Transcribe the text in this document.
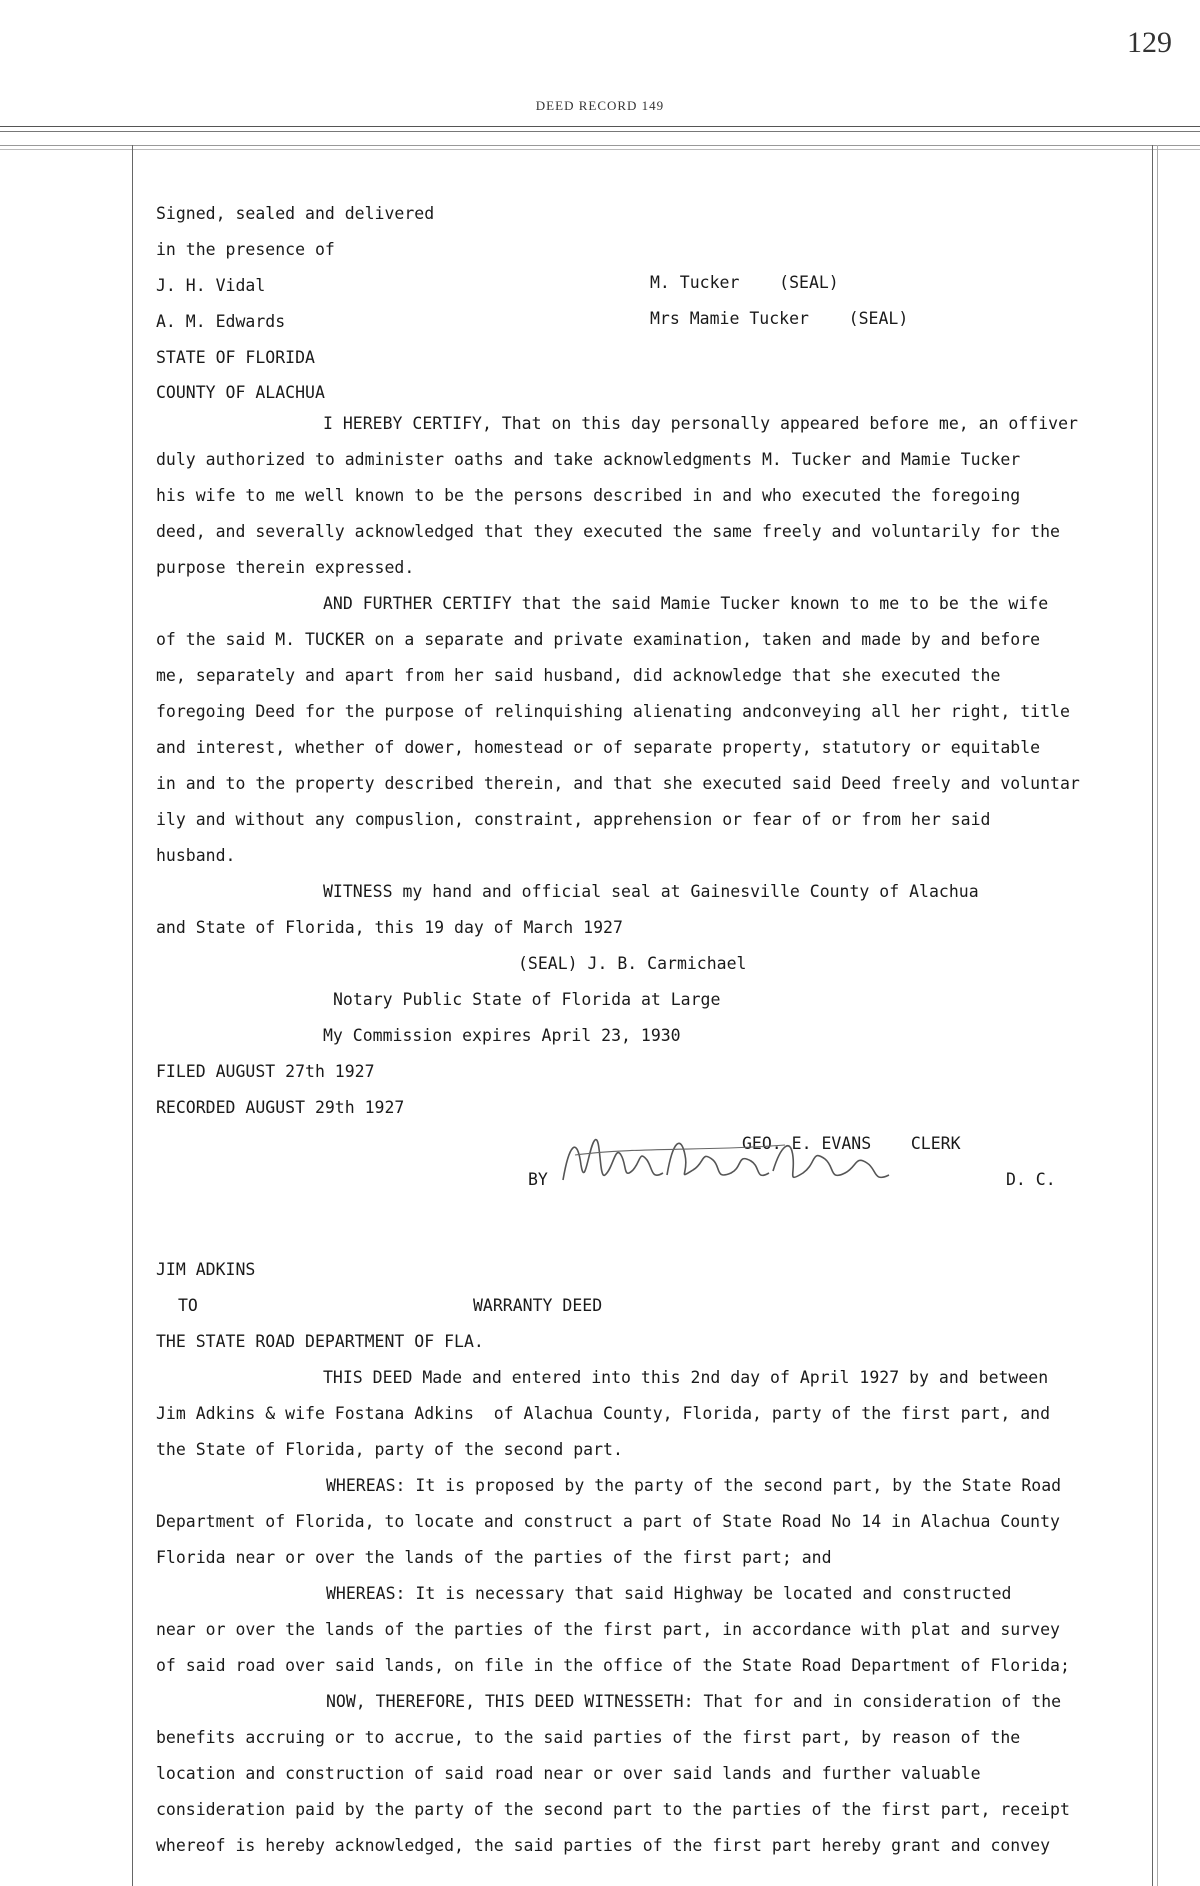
129
DEED RECORD 149
Signed, sealed and delivered
in the presence of
J. H. Vidal	M. Tucker    (SEAL)
A. M. Edwards	Mrs Mamie Tucker    (SEAL)
STATE OF FLORIDA
COUNTY OF ALACHUA
I HEREBY CERTIFY, That on this day personally appeared before me, an offiver
duly authorized to administer oaths and take acknowledgments M. Tucker and Mamie Tucker
his wife to me well known to be the persons described in and who executed the foregoing
deed, and severally acknowledged that they executed the same freely and voluntarily for the
purpose therein expressed.
AND FURTHER CERTIFY that the said Mamie Tucker known to me to be the wife
of the said M. TUCKER on a separate and private examination, taken and made by and before
me, separately and apart from her said husband, did acknowledge that she executed the
foregoing Deed for the purpose of relinquishing alienating andconveying all her right, title
and interest, whether of dower, homestead or of separate property, statutory or equitable
in and to the property described therein, and that she executed said Deed freely and voluntar
ily and without any compuslion, constraint, apprehension or fear of or from her said
husband.
WITNESS my hand and official seal at Gainesville County of Alachua
and State of Florida, this 19 day of March 1927
(SEAL) J. B. Carmichael
Notary Public State of Florida at Large
My Commission expires April 23, 1930
FILED AUGUST 27th 1927
RECORDED AUGUST 29th 1927
GEO. E. EVANS    CLERK
BY	D. C.
JIM ADKINS
TO	WARRANTY DEED
THE STATE ROAD DEPARTMENT OF FLA.
THIS DEED Made and entered into this 2nd day of April 1927 by and between
Jim Adkins & wife Fostana Adkins  of Alachua County, Florida, party of the first part, and
the State of Florida, party of the second part.
WHEREAS: It is proposed by the party of the second part, by the State Road
Department of Florida, to locate and construct a part of State Road No 14 in Alachua County
Florida near or over the lands of the parties of the first part; and
WHEREAS: It is necessary that said Highway be located and constructed
near or over the lands of the parties of the first part, in accordance with plat and survey
of said road over said lands, on file in the office of the State Road Department of Florida;
NOW, THEREFORE, THIS DEED WITNESSETH: That for and in consideration of the
benefits accruing or to accrue, to the said parties of the first part, by reason of the
location and construction of said road near or over said lands and further valuable
consideration paid by the party of the second part to the parties of the first part, receipt
whereof is hereby acknowledged, the said parties of the first part hereby grant and convey
